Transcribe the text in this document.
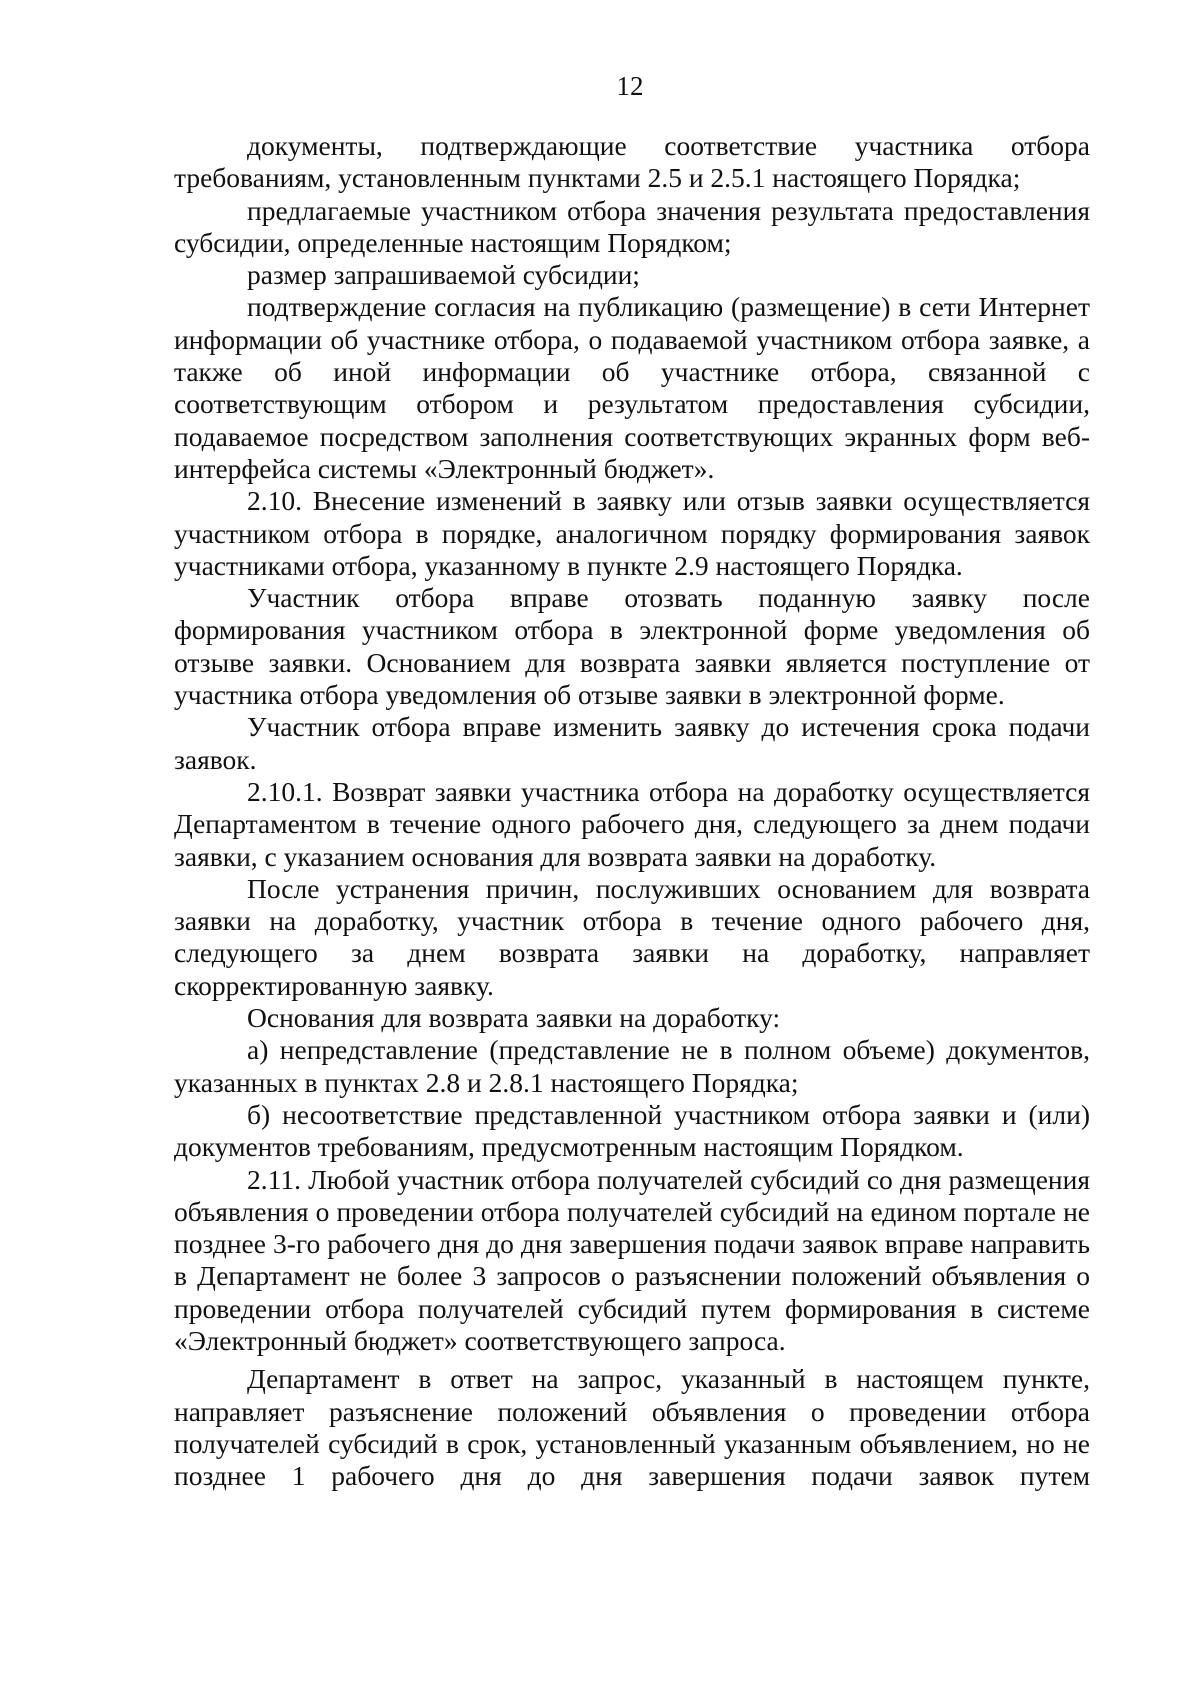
12

документы, подтверждающие соответствие участника отбора требованиям, установленным пунктами 2.5 и 2.5.1 настоящего Порядка;

предлагаемые участником отбора значения результата предоставления субсидии, определенные настоящим Порядком;

размер запрашиваемой субсидии;

подтверждение согласия на публикацию (размещение) в сети Интернет информации об участнике отбора, о подаваемой участником отбора заявке, а также об иной информации об участнике отбора, связанной с соответствующим отбором и результатом предоставления субсидии, подаваемое посредством заполнения соответствующих экранных форм веб-интерфейса системы «Электронный бюджет».

2.10. Внесение изменений в заявку или отзыв заявки осуществляется участником отбора в порядке, аналогичном порядку формирования заявок участниками отбора, указанному в пункте 2.9 настоящего Порядка.

Участник отбора вправе отозвать поданную заявку после формирования участником отбора в электронной форме уведомления об отзыве заявки. Основанием для возврата заявки является поступление от участника отбора уведомления об отзыве заявки в электронной форме.

Участник отбора вправе изменить заявку до истечения срока подачи заявок.

2.10.1. Возврат заявки участника отбора на доработку осуществляется Департаментом в течение одного рабочего дня, следующего за днем подачи заявки, с указанием основания для возврата заявки на доработку.

После устранения причин, послуживших основанием для возврата заявки на доработку, участник отбора в течение одного рабочего дня, следующего за днем возврата заявки на доработку, направляет скорректированную заявку.

Основания для возврата заявки на доработку:

а) непредставление (представление не в полном объеме) документов, указанных в пунктах 2.8 и 2.8.1 настоящего Порядка;

б) несоответствие представленной участником отбора заявки и (или) документов требованиям, предусмотренным настоящим Порядком.

2.11. Любой участник отбора получателей субсидий со дня размещения объявления о проведении отбора получателей субсидий на едином портале не позднее 3-го рабочего дня до дня завершения подачи заявок вправе направить в Департамент не более 3 запросов о разъяснении положений объявления о проведении отбора получателей субсидий путем формирования в системе «Электронный бюджет» соответствующего запроса.

Департамент в ответ на запрос, указанный в настоящем пункте, направляет разъяснение положений объявления о проведении отбора получателей субсидий в срок, установленный указанным объявлением, но не позднее 1 рабочего дня до дня завершения подачи заявок путем
